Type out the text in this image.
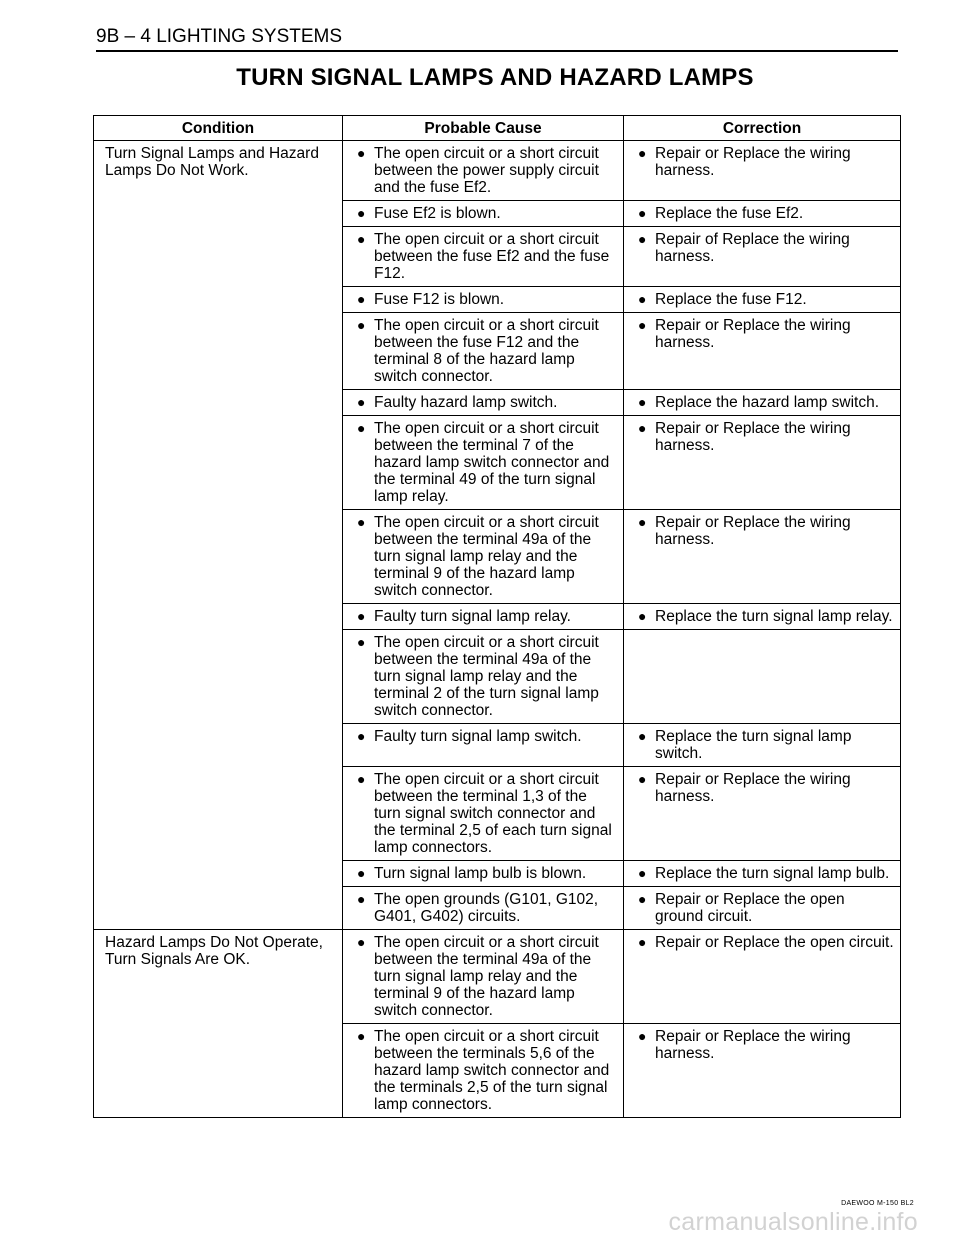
9B – 4 LIGHTING SYSTEMS
TURN SIGNAL LAMPS AND HAZARD LAMPS
Condition	Probable Cause	Correction
Turn Signal Lamps and Hazard Lamps Do Not Work.	● The open circuit or a short circuit between the power supply circuit and the fuse Ef2.	● Repair or Replace the wiring harness.

	● Fuse Ef2 is blown.	● Replace the fuse Ef2.

	● The open circuit or a short circuit between the fuse Ef2 and the fuse F12.	● Repair of Replace the wiring harness.

	● Fuse F12 is blown.	● Replace the fuse F12.

	● The open circuit or a short circuit between the fuse F12 and the terminal 8 of the hazard lamp switch connector.	● Repair or Replace the wiring harness.

	● Faulty hazard lamp switch.	● Replace the hazard lamp switch.

	● The open circuit or a short circuit between the terminal 7 of the hazard lamp switch connector and the terminal 49 of the turn signal lamp relay.	● Repair or Replace the wiring harness.

	● The open circuit or a short circuit between the terminal 49a of the turn signal lamp relay and the terminal 9 of the hazard lamp switch connector.	● Repair or Replace the wiring harness.

	● Faulty turn signal lamp relay.	● Replace the turn signal lamp relay.

	● The open circuit or a short circuit between the terminal 49a of the turn signal lamp relay and the terminal 2 of the turn signal lamp switch connector.	

	● Faulty turn signal lamp switch.	● Replace the turn signal lamp switch.

	● The open circuit or a short circuit between the terminal 1,3 of the turn signal switch connector and the terminal 2,5 of each turn signal lamp connectors.	● Repair or Replace the wiring harness.

	● Turn signal lamp bulb is blown.	● Replace the turn signal lamp bulb.

	● The open grounds (G101, G102, G401, G402) circuits.	● Repair or Replace the open ground circuit.

Hazard Lamps Do Not Operate, Turn Signals Are OK.	● The open circuit or a short circuit between the terminal 49a of the turn signal lamp relay and the terminal 9 of the hazard lamp switch connector.	● Repair or Replace the open circuit.

	● The open circuit or a short circuit between the terminals 5,6 of the hazard lamp switch connector and the terminals 2,5 of the turn signal lamp connectors.	● Repair or Replace the wiring harness.
DAEWOO M-150 BL2
carmanualsonline.info
